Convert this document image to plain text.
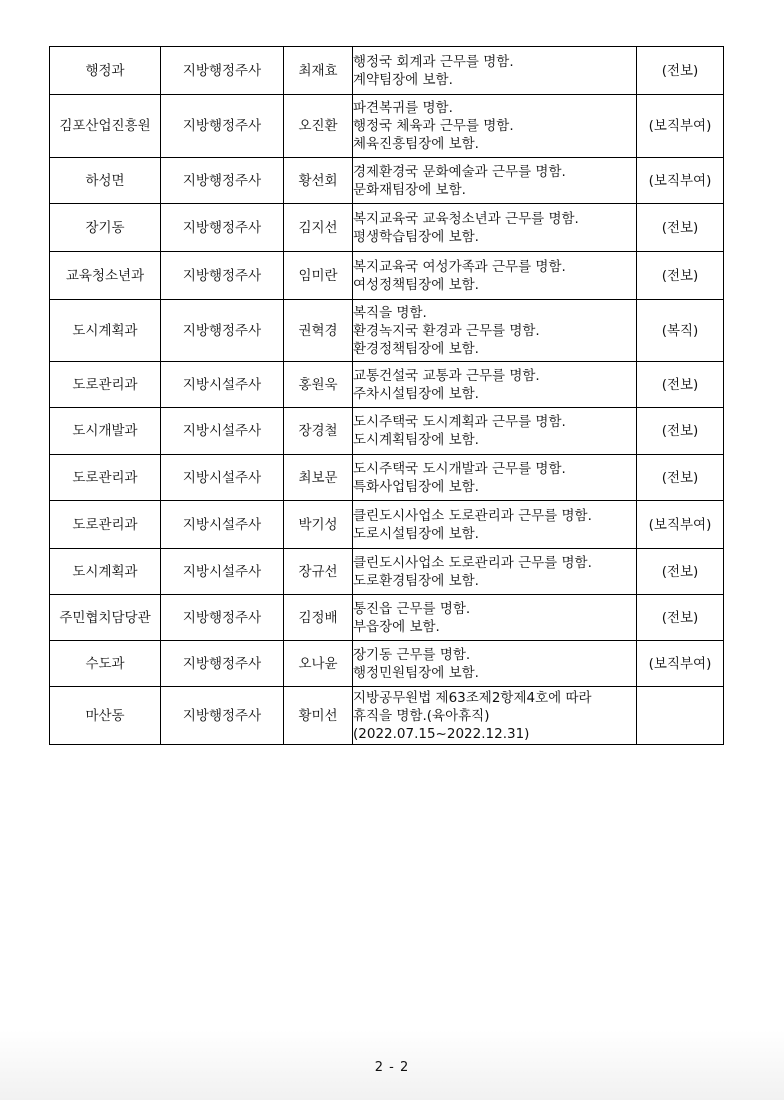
행정과	지방행정주사	최재효	행정국 회계과 근무를 명함.
계약팀장에 보함.	(전보)
김포산업진흥원	지방행정주사	오진환	파견복귀를 명함.
행정국 체육과 근무를 명함.
체육진흥팀장에 보함.	(보직부여)
하성면	지방행정주사	황선회	경제환경국 문화예술과 근무를 명함.
문화재팀장에 보함.	(보직부여)
장기동	지방행정주사	김지선	복지교육국 교육청소년과 근무를 명함.
평생학습팀장에 보함.	(전보)
교육청소년과	지방행정주사	임미란	복지교육국 여성가족과 근무를 명함.
여성정책팀장에 보함.	(전보)
도시계획과	지방행정주사	권혁경	복직을 명함.
환경녹지국 환경과 근무를 명함.
환경정책팀장에 보함.	(복직)
도로관리과	지방시설주사	홍원욱	교통건설국 교통과 근무를 명함.
주차시설팀장에 보함.	(전보)
도시개발과	지방시설주사	장경철	도시주택국 도시계획과 근무를 명함.
도시계획팀장에 보함.	(전보)
도로관리과	지방시설주사	최보문	도시주택국 도시개발과 근무를 명함.
특화사업팀장에 보함.	(전보)
도로관리과	지방시설주사	박기성	클린도시사업소 도로관리과 근무를 명함.
도로시설팀장에 보함.	(보직부여)
도시계획과	지방시설주사	장규선	클린도시사업소 도로관리과 근무를 명함.
도로환경팀장에 보함.	(전보)
주민협치담당관	지방행정주사	김정배	통진읍 근무를 명함.
부읍장에 보함.	(전보)
수도과	지방행정주사	오나윤	장기동 근무를 명함.
행정민원팀장에 보함.	(보직부여)
마산동	지방행정주사	황미선	지방공무원법 제63조제2항제4호에 따라
휴직을 명함.(육아휴직)
(2022.07.15~2022.12.31)	

2 - 2
